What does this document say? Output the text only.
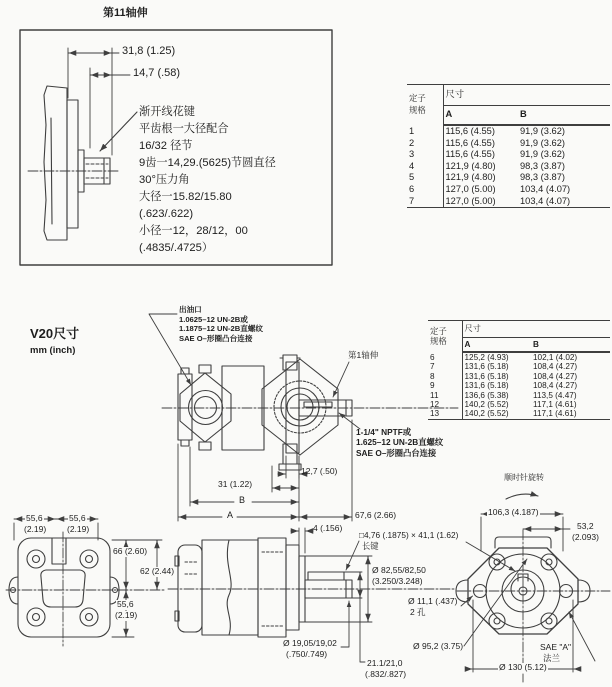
第11轴伸
31,8 (1.25)
14,7 (.58)
渐开线花键
平齿根一大径配合
16/32 径节
9齿一14,29.(5625)节圆直径
30°压力角
大径一15.82/15.80
(.623/.622)
小径一12，28/12，00
(.4835/.4725）
定子
规格	尺寸	
	A	B
1	115,6 (4.55)	91,9 (3.62)
2	115,6 (4.55)	91,9 (3.62)
3	115,6 (4.55)	91,9 (3.62)
4	121,9 (4.80)	98,3 (3.87)
5	121,9 (4.80)	98,3 (3.87)
6	127,0 (5.00)	103,4 (4.07)
7	127,0 (5.00)	103,4 (4.07)
定子
规格	尺寸	
	A	B
6	125,2 (4.93)	102,1 (4.02)
7	131,6 (5.18)	108,4 (4.27)
8	131,6 (5.18)	108,4 (4.27)
9	131,6 (5.18)	108,4 (4.27)
11	136,6 (5.38)	113,5 (4.47)
12	140,2 (5.52)	117,1 (4.61)
13	140,2 (5.52)	117,1 (4.61)
V20尺寸
mm (inch)
出油口
1.0625–12 UN-2B或
1.1875–12 UN-2B直螺纹
SAE O–形圈凸台连接
第1轴伸
1-1/4" NPTF或
1.625–12 UN-2B直螺纹
SAE O–形圈凸台连接
12,7 (.50)
31 (1.22)
B
A	67,6 (2.66)
55,6
(2.19)
55,6
(2.19)
66 (2.60)
62 (2.44)
55,6
(2.19)
4 (.156)
□4,76 (.1875) × 41,1 (1.62)
长键
Ø 82,55/82,50
(3.250/3.248)
Ø 19,05/19,02
(.750/.749)
21.1/21,0
(.832/.827)
Ø 11,1 (.437)
2 孔
Ø 95,2 (3.75)
顺时针旋转
106,3 (4.187)
53,2
(2.093)
SAE "A"
法兰
Ø 130 (5.12)
